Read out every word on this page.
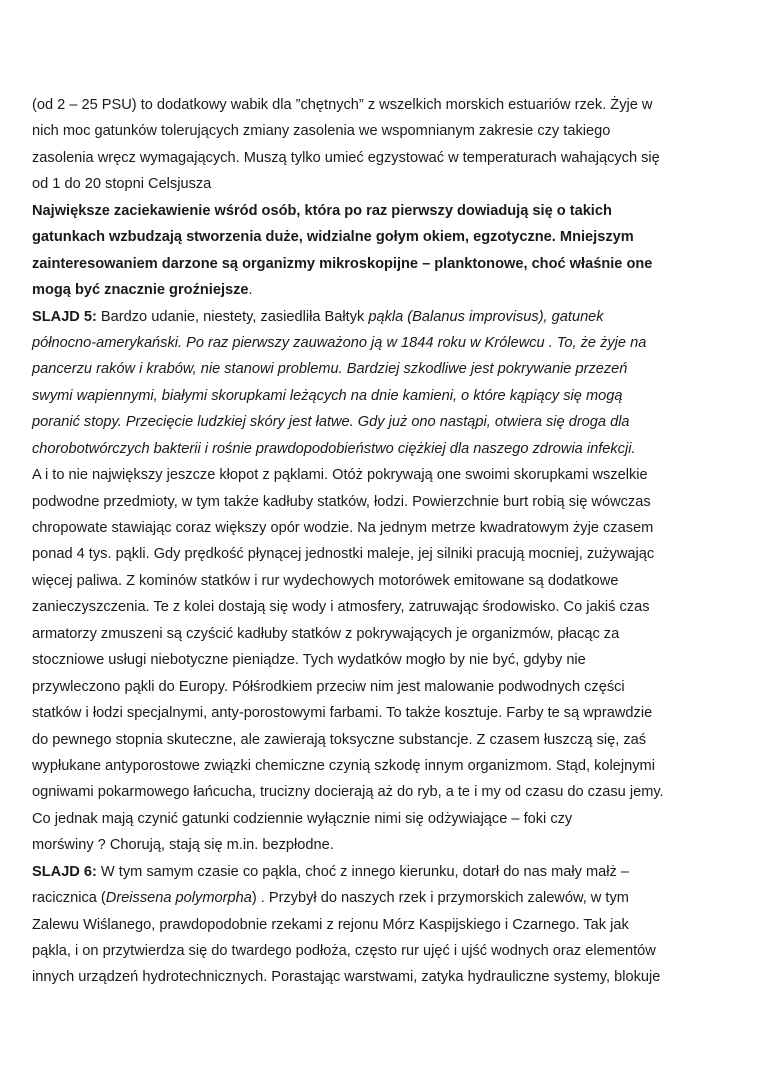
(od 2 – 25 PSU) to dodatkowy wabik dla ”chętnych” z wszelkich morskich estuariów rzek. Żyje w
nich moc gatunków tolerujących zmiany zasolenia we wspomnianym zakresie czy takiego
zasolenia wręcz wymagających. Muszą tylko umieć egzystować w temperaturach wahających się
od 1 do 20 stopni Celsjusza
Największe zaciekawienie wśród osób, która po raz pierwszy dowiadują się o takich
gatunkach wzbudzają stworzenia duże, widzialne gołym okiem, egzotyczne. Mniejszym
zainteresowaniem darzone są organizmy mikroskopijne – planktonowe, choć właśnie one
mogą być znacznie groźniejsze.
SLAJD 5: Bardzo udanie, niestety, zasiedliła Bałtyk pąkla (Balanus improvisus), gatunek
północno-amerykański. Po raz pierwszy zauważono ją w 1844 roku w Królewcu . To, że żyje na
pancerzu raków i krabów, nie stanowi problemu. Bardziej szkodliwe jest pokrywanie przezeń
swymi wapiennymi, białymi skorupkami leżących na dnie kamieni, o które kąpiący się mogą
poranić stopy. Przecięcie ludzkiej skóry jest łatwe. Gdy już ono nastąpi, otwiera się droga dla
chorobotwórczych bakterii i rośnie prawdopodobieństwo ciężkiej dla naszego zdrowia infekcji.
A i to nie największy jeszcze kłopot z pąklami. Otóż pokrywają one swoimi skorupkami wszelkie
podwodne przedmioty, w tym także kadłuby statków, łodzi. Powierzchnie burt robią się wówczas
chropowate stawiając coraz większy opór wodzie. Na jednym metrze kwadratowym żyje czasem
ponad 4 tys. pąkli. Gdy prędkość płynącej jednostki maleje, jej silniki pracują mocniej, zużywając
więcej paliwa. Z kominów statków i rur wydechowych motorówek emitowane są dodatkowe
zanieczyszczenia. Te z kolei dostają się wody i atmosfery, zatruwając środowisko. Co jakiś czas
armatorzy zmuszeni są czyścić kadłuby statków z pokrywających je organizmów, płacąc za
stoczniowe usługi niebotyczne pieniądze. Tych wydatków mogło by nie być, gdyby nie
przywleczono pąkli do Europy. Półśrodkiem przeciw nim jest malowanie podwodnych części
statków i łodzi specjalnymi, anty-porostowymi farbami. To także kosztuje. Farby te są wprawdzie
do pewnego stopnia skuteczne, ale zawierają toksyczne substancje. Z czasem łuszczą się, zaś
wypłukane antyporostowe związki chemiczne czynią szkodę innym organizmom. Stąd, kolejnymi
ogniwami pokarmowego łańcucha, trucizny docierają aż do ryb, a te i my od czasu do czasu jemy.
Co jednak mają czynić gatunki codziennie wyłącznie nimi się odżywiające – foki czy
morświny ? Chorują, stają się m.in. bezpłodne.
SLAJD 6: W tym samym czasie co pąkla, choć z innego kierunku, dotarł do nas mały małż –
racicznica (Dreissena polymorpha) . Przybył do naszych rzek i przymorskich zalewów, w tym
Zalewu Wiślanego, prawdopodobnie rzekami z rejonu Mórz Kaspijskiego i Czarnego. Tak jak
pąkla, i on przytwierdza się do twardego podłoża, często rur ujęć i ujść wodnych oraz elementów
innych urządzeń hydrotechnicznych. Porastając warstwami, zatyka hydrauliczne systemy, blokuje
